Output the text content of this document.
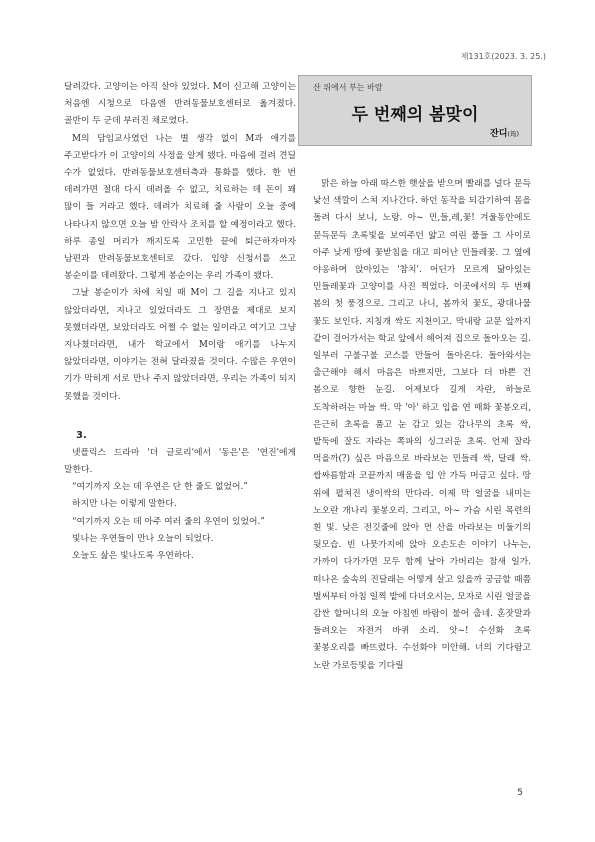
제131호(2023. 3. 25.)

달려갔다. 고양이는 아직 살아 있었다. M이 신고해 고양이는 처음엔 시청으로 다음엔 반려동물보호센터로 옮겨졌다. 골반이 두 군데 부러진 채로였다.

M의 담임교사였던 나는 별 생각 없이 M과 애기를 주고받다가 이 고양이의 사정을 알게 됐다. 마음에 걸려 견딜 수가 없었다. 반려동물보호센터측과 통화를 했다. 한 번 데려가면 절대 다시 데려올 수 없고, 치료하는 데 돈이 꽤 많이 들 거라고 했다. 데려가 치료해 줄 사람이 오늘 중에 나타나지 않으면 오늘 밤 안락사 조치를 할 예정이라고 했다. 하루 종일 머리가 깨지도록 고민한 끝에 퇴근하자마자 남편과 반려동물보호센터로 갔다. 입양 신청서를 쓰고 봉순이를 데려왔다. 그렇게 봉순이는 우리 가족이 됐다.

그날 봉순이가 차에 치일 때 M이 그 길을 지나고 있지 않았더라면, 지나고 있었더라도 그 장면을 제대로 보지 못했더라면, 보았더라도 어쩔 수 없는 일이라고 여기고 그냥 지나쳤더라면, 내가 학교에서 M이랑 애기를 나누지 않았더라면, 이야기는 전혀 달라졌을 것이다. 수많은 우연이 기가 막히게 서로 만나 주지 않았더라면, 우리는 가족이 되지 못했을 것이다.

3.

넷플릭스 드라마 '더 글로리'에서 '동은'은 '연진'에게 말한다.

“여기까지 오는 데 우연은 단 한 줄도 없었어.”

하지만 나는 이렇게 말한다.

“여기까지 오는 데 아주 여러 줄의 우연이 있었어.”

빛나는 우연들이 만나 오늘이 되었다.

오늘도 삶은 빛나도록 우연하다.

산 위에서 부는 바람
두 번째의 봄맞이
잔디(筠)

맑은 하늘 아래 따스한 햇살을 받으며 빨래를 널다 문득 낯선 색깔이 스쳐 지나간다. 하던 동작을 되감기하여 몸을 돌려 다시 보니, 노랑. 아~ 민,들,레,꽃! 겨울동안에도 문득문득 초록빛을 보여주던 얇고 여린 풀들 그 사이로 아주 낮게 땅에 꽃받침을 대고 피어난 민들레꽃. 그 옆에 야옹하며 앉아있는 '참치'. 어딘가 모르게 닮아있는 민들레꽃과 고양이를 사진 찍었다. 이곳에서의 두 번째 봄의 첫 풍경으로. 그리고 나니, 봄까치 꽃도, 광대나물 꽃도 보인다. 지칭개 싹도 지천이고. 막내랑 교문 앞까지 같이 걸어가서는 학교 앞에서 헤어져 집으로 돌아오는 길. 일부러 구불구불 코스를 만들어 돌아온다. 돌아와서는 출근해야 해서 마음은 바쁘지만, 그보다 더 바쁜 건 봄으로 향한 눈길. 어제보다 길게 자란, 하늘로 도착하려는 마늘 싹. 막 '아' 하고 입을 연 매화 꽃봉오리, 은근히 초록을 품고 눈 감고 있는 감나무의 초록 싹, 밭둑에 잘도 자라는 쪽파의 싱그러운 초록. 언제 잘라 먹을까(?) 싶은 마음으로 바라보는 민들레 싹, 달래 싹. 쌉싸름함과 코끝까지 매움을 입 안 가득 머금고 싶다. 땅 위에 펼쳐진 냉이싹의 만다라. 이제 막 얼굴을 내미는 노오란 개나리 꽃봉오리. 그리고, 아~ 가슴 시린 목련의 흰 빛. 낮은 전깃줄에 앉아 먼 산을 바라보는 비둘기의 뒷모습. 빈 나뭇가지에 앉아 오손도손 이야기 나누는, 가까이 다가가면 모두 함께 날아 가버리는 참새 일가. 떠나온 숲속의 진달래는 어떻게 살고 있을까 궁금할 때쯤 벌써부터 아침 일찍 밭에 다녀오시는, 모자로 시린 얼굴을 감싼 할머니의 오늘 아침엔 바람이 불어 춥네. 혼잣말과 들려오는 자전거 바퀴 소리. 앗~! 수선화 초록 꽃봉오리를 빠뜨렸다. 수선화야 미안해. 너의 기다람고 노란 가로등빛을 기다릴

5
